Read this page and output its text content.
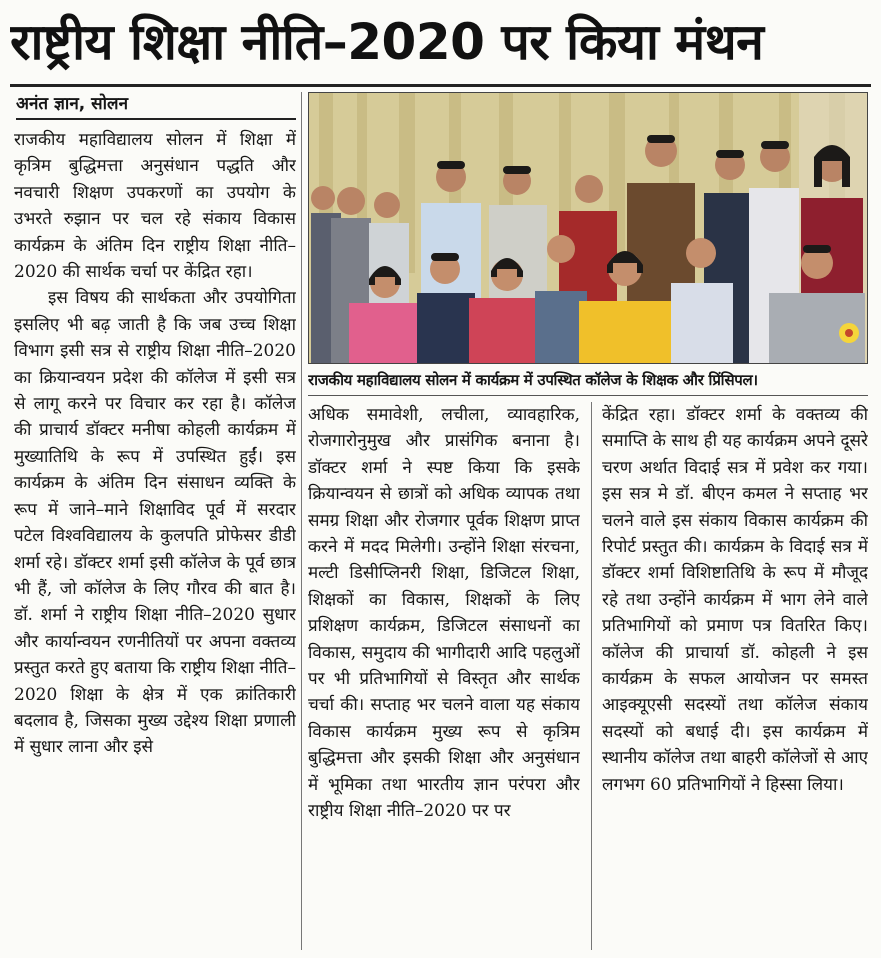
राष्ट्रीय शिक्षा नीति–2020 पर किया मंथन
अनंत ज्ञान, सोलन

राजकीय महाविद्यालय सोलन में शिक्षा में कृत्रिम बुद्धिमत्ता अनुसंधान पद्धति और नवचारी शिक्षण उपकरणों का उपयोग के उभरते रुझान पर चल रहे संकाय विकास कार्यक्रम के अंतिम दिन राष्ट्रीय शिक्षा नीति–2020 की सार्थक चर्चा पर केंद्रित रहा।

इस विषय की सार्थकता और उपयोगिता इसलिए भी बढ़ जाती है कि जब उच्च शिक्षा विभाग इसी सत्र से राष्ट्रीय शिक्षा नीति–2020 का क्रियान्वयन प्रदेश की कॉलेज में इसी सत्र से लागू करने पर विचार कर रहा है। कॉलेज की प्राचार्य डॉक्टर मनीषा कोहली कार्यक्रम में मुख्यातिथि के रूप में उपस्थित हुईं। इस कार्यक्रम के अंतिम दिन संसाधन व्यक्ति के रूप में जाने–माने शिक्षाविद पूर्व में सरदार पटेल विश्वविद्यालय के कुलपति प्रोफेसर डीडी शर्मा रहे। डॉक्टर शर्मा इसी कॉलेज के पूर्व छात्र भी हैं, जो कॉलेज के लिए गौरव की बात है। डॉ. शर्मा ने राष्ट्रीय शिक्षा नीति–2020 सुधार और कार्यान्वयन रणनीतियों पर अपना वक्तव्य प्रस्तुत करते हुए बताया कि राष्ट्रीय शिक्षा नीति–2020 शिक्षा के क्षेत्र में एक क्रांतिकारी बदलाव है, जिसका मुख्य उद्देश्य शिक्षा प्रणाली में सुधार लाना और इसे

राजकीय महाविद्यालय सोलन में कार्यक्रम में उपस्थित कॉलेज के शिक्षक और प्रिंसिपल।

अधिक समावेशी, लचीला, व्यावहारिक, रोजगारोनुमुख और प्रासंगिक बनाना है। डॉक्टर शर्मा ने स्पष्ट किया कि इसके क्रियान्वयन से छात्रों को अधिक व्यापक तथा समग्र शिक्षा और रोजगार पूर्वक शिक्षण प्राप्त करने में मदद मिलेगी। उन्होंने शिक्षा संरचना, मल्टी डिसीप्लिनरी शिक्षा, डिजिटल शिक्षा, शिक्षकों का विकास, शिक्षकों के लिए प्रशिक्षण कार्यक्रम, डिजिटल संसाधनों का विकास, समुदाय की भागीदारी आदि पहलुओं पर भी प्रतिभागियों से विस्तृत और सार्थक चर्चा की। सप्ताह भर चलने वाला यह संकाय विकास कार्यक्रम मुख्य रूप से कृत्रिम बुद्धिमत्ता और इसकी शिक्षा और अनुसंधान में भूमिका तथा भारतीय ज्ञान परंपरा और राष्ट्रीय शिक्षा नीति–2020 पर पर

केंद्रित रहा। डॉक्टर शर्मा के वक्तव्य की समाप्ति के साथ ही यह कार्यक्रम अपने दूसरे चरण अर्थात विदाई सत्र में प्रवेश कर गया। इस सत्र मे डॉ. बीएन कमल ने सप्ताह भर चलने वाले इस संकाय विकास कार्यक्रम की रिपोर्ट प्रस्तुत की। कार्यक्रम के विदाई सत्र में डॉक्टर शर्मा विशिष्टातिथि के रूप में मौजूद रहे तथा उन्होंने कार्यक्रम में भाग लेने वाले प्रतिभागियों को प्रमाण पत्र वितरित किए। कॉलेज की प्राचार्या डॉ. कोहली ने इस कार्यक्रम के सफल आयोजन पर समस्त आइक्यूएसी सदस्यों तथा कॉलेज संकाय सदस्यों को बधाई दी। इस कार्यक्रम में स्थानीय कॉलेज तथा बाहरी कॉलेजों से आए लगभग 60 प्रतिभागियों ने हिस्सा लिया।
